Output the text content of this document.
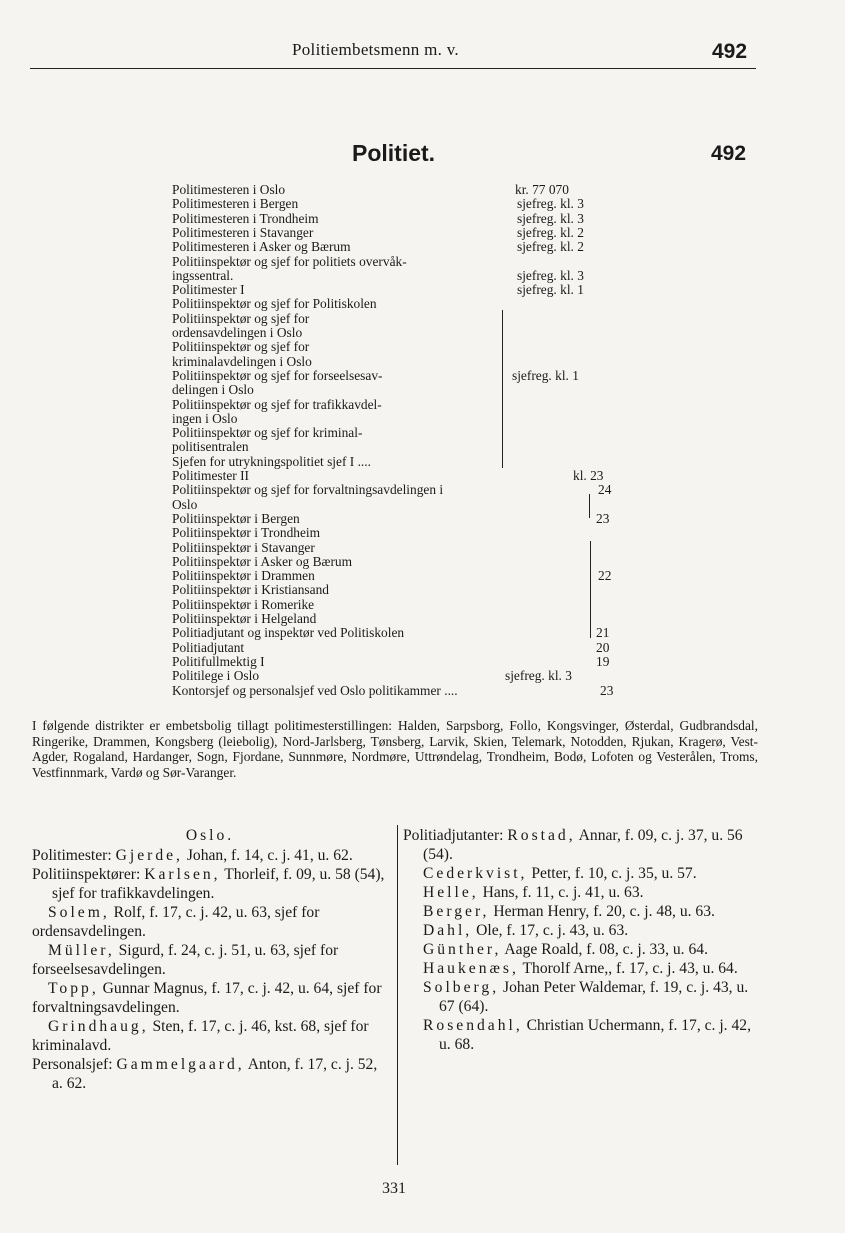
Politiembetsmenn m. v.	492
Politiet.	492
Politimesteren i Oslo	kr. 77 070
Politimesteren i Bergen	sjefreg. kl. 3
Politimesteren i Trondheim	sjefreg. kl. 3
Politimesteren i Stavanger	sjefreg. kl. 2
Politimesteren i Asker og Bærum	sjefreg. kl. 2
Politiinspektør og sjef for politiets overvåk-
ingssentral.	sjefreg. kl. 3
Politimester I	sjefreg. kl. 1
Politiinspektør og sjef for Politiskolen
Politiinspektør og sjef for
ordensavdelingen i Oslo
Politiinspektør og sjef for
kriminalavdelingen i Oslo
Politiinspektør og sjef for forseelsesav-	sjefreg. kl. 1
delingen i Oslo
Politiinspektør og sjef for trafikkavdel-
ingen i Oslo
Politiinspektør og sjef for kriminal-
politisentralen
Sjefen for utrykningspolitiet sjef I ....
Politimester II	kl. 23
Politiinspektør og sjef for forvaltningsavdelingen i	24
Oslo
Politiinspektør i Bergen	23
Politiinspektør i Trondheim
Politiinspektør i Stavanger
Politiinspektør i Asker og Bærum
Politiinspektør i Drammen	22
Politiinspektør i Kristiansand
Politiinspektør i Romerike
Politiinspektør i Helgeland
Politiadjutant og inspektør ved Politiskolen	21
Politiadjutant	20
Politifullmektig I	19
Politilege i Oslo	sjefreg. kl. 3
Kontorsjef og personalsjef ved Oslo politikammer ....	23
I følgende distrikter er embetsbolig tillagt politimesterstillingen: Halden, Sarpsborg, Follo, Kongsvinger, Østerdal, Gudbrandsdal, Ringerike, Drammen, Kongsberg (leiebolig), Nord-Jarlsberg, Tønsberg, Larvik, Skien, Telemark, Notodden, Rjukan, Kragerø, Vest-Agder, Rogaland, Hardanger, Sogn, Fjordane, Sunnmøre, Nordmøre, Uttrøndelag, Trondheim, Bodø, Lofoten og Vesterålen, Troms, Vestfinnmark, Vardø og Sør-Varanger.

Oslo.

Politimester: Gjerde, Johan, f. 14, c. j. 41, u. 62.

Politiinspektører: Karlsen, Thorleif, f. 09, u. 58 (54), sjef for trafikkavdelingen.

Solem, Rolf, f. 17, c. j. 42, u. 63, sjef for ordensavdelingen.

Müller, Sigurd, f. 24, c. j. 51, u. 63, sjef for forseelsesavdelingen.

Topp, Gunnar Magnus, f. 17, c. j. 42, u. 64, sjef for forvaltningsavdelingen.

Grindhaug, Sten, f. 17, c. j. 46, kst. 68, sjef for kriminalavd.

Personalsjef: Gammelgaard, Anton, f. 17, c. j. 52, a. 62.

Politiadjutanter: Rostad, Annar, f. 09, c. j. 37, u. 56 (54).

Cederkvist, Petter, f. 10, c. j. 35, u. 57.

Helle, Hans, f. 11, c. j. 41, u. 63.

Berger, Herman Henry, f. 20, c. j. 48, u. 63.

Dahl, Ole, f. 17, c. j. 43, u. 63.

Günther, Aage Roald, f. 08, c. j. 33, u. 64.

Haukenæs, Thorolf Arne,, f. 17, c. j. 43, u. 64.

Solberg, Johan Peter Waldemar, f. 19, c. j. 43, u. 67 (64).

Rosendahl, Christian Uchermann, f. 17, c. j. 42, u. 68.

331
